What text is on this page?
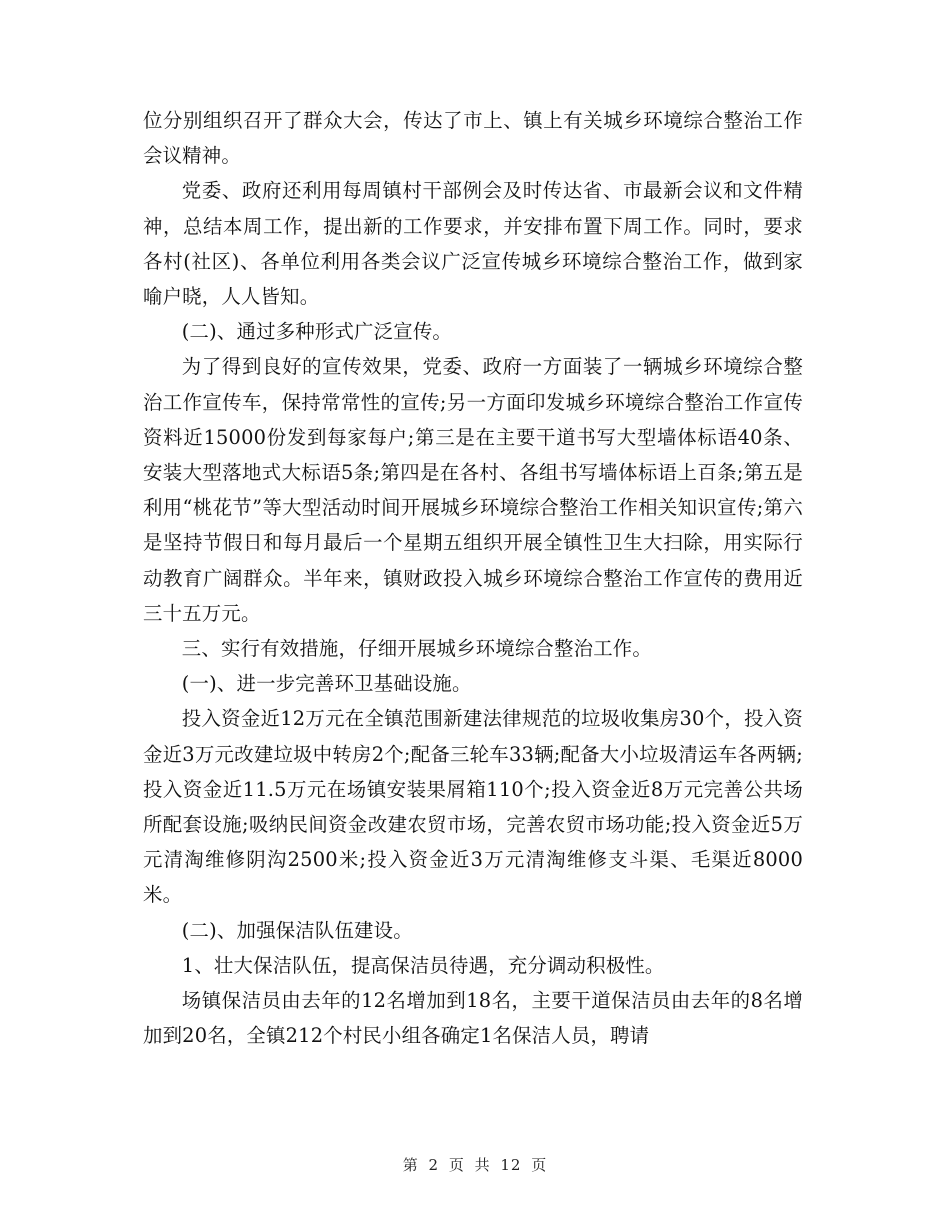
位分别组织召开了群众大会，传达了市上、镇上有关城乡环境综合整治工作会议精神。

党委、政府还利用每周镇村干部例会及时传达省、市最新会议和文件精神，总结本周工作，提出新的工作要求，并安排布置下周工作。同时，要求各村(社区)、各单位利用各类会议广泛宣传城乡环境综合整治工作，做到家喻户晓，人人皆知。

(二)、通过多种形式广泛宣传。

为了得到良好的宣传效果，党委、政府一方面装了一辆城乡环境综合整治工作宣传车，保持常常性的宣传;另一方面印发城乡环境综合整治工作宣传资料近15000份发到每家每户;第三是在主要干道书写大型墙体标语40条、安装大型落地式大标语5条;第四是在各村、各组书写墙体标语上百条;第五是利用“桃花节”等大型活动时间开展城乡环境综合整治工作相关知识宣传;第六是坚持节假日和每月最后一个星期五组织开展全镇性卫生大扫除，用实际行动教育广阔群众。半年来，镇财政投入城乡环境综合整治工作宣传的费用近三十五万元。

三、实行有效措施，仔细开展城乡环境综合整治工作。

(一)、进一步完善环卫基础设施。

投入资金近12万元在全镇范围新建法律规范的垃圾收集房30个，投入资金近3万元改建垃圾中转房2个;配备三轮车33辆;配备大小垃圾清运车各两辆;投入资金近11.5万元在场镇安装果屑箱110个;投入资金近8万元完善公共场所配套设施;吸纳民间资金改建农贸市场，完善农贸市场功能;投入资金近5万元清淘维修阴沟2500米;投入资金近3万元清淘维修支斗渠、毛渠近8000米。

(二)、加强保洁队伍建设。

1、壮大保洁队伍，提高保洁员待遇，充分调动积极性。

场镇保洁员由去年的12名增加到18名，主要干道保洁员由去年的8名增加到20名，全镇212个村民小组各确定1名保洁人员，聘请

第 2 页 共 12 页
